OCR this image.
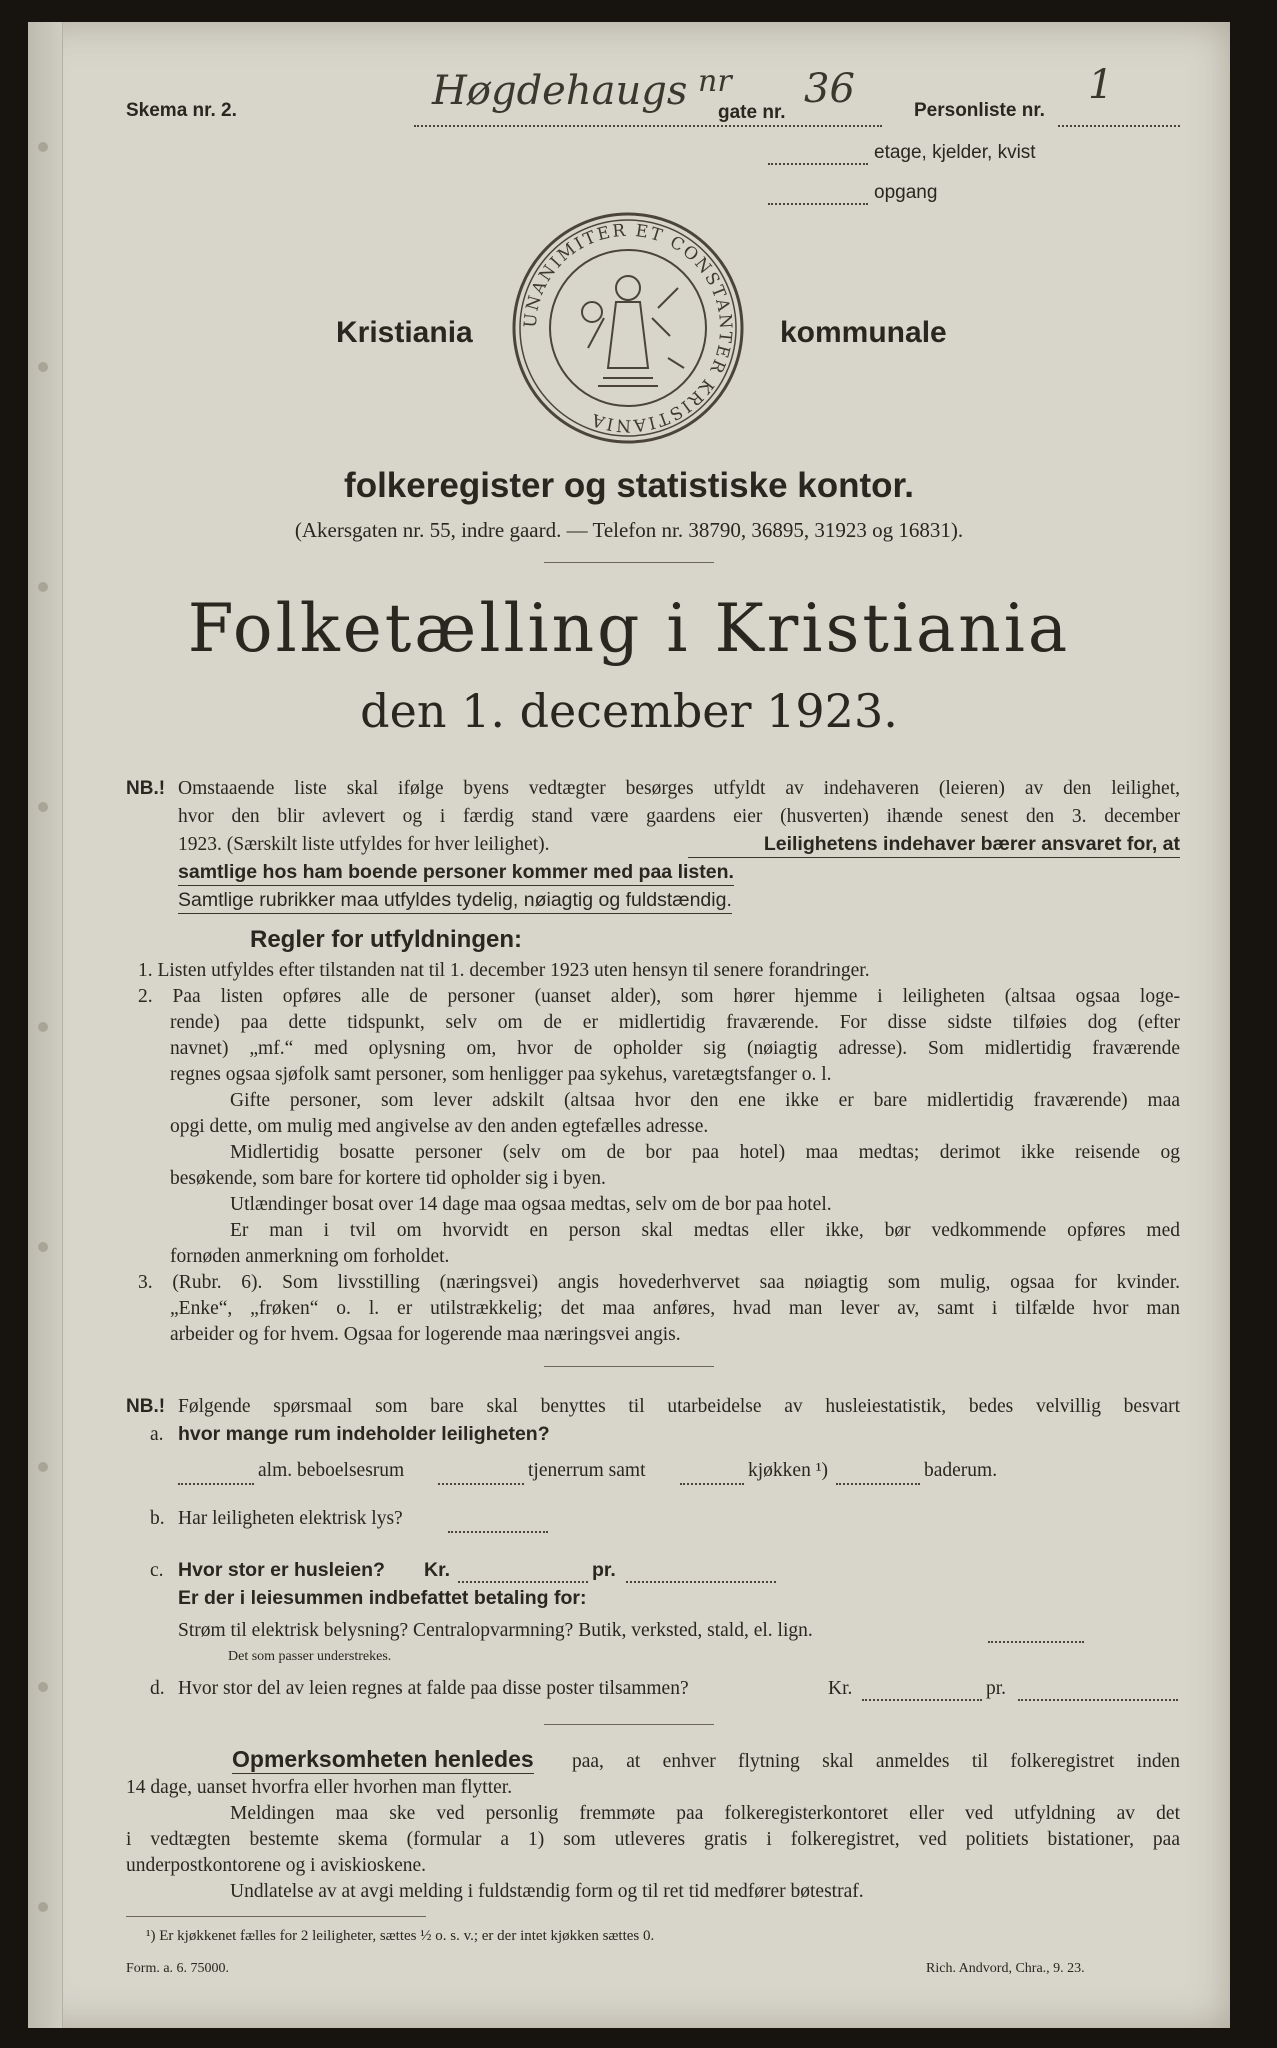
Skema nr. 2.	Høgdehaugs nr
gate nr.
36	Personliste nr.
1
etage, kjelder, kvist
opgang
Kristiania	UNANIMITER ET CONSTANTER KRISTIANIA
kommunale
folkeregister og statistiske kontor.
(Akersgaten nr. 55, indre gaard. — Telefon nr. 38790, 36895, 31923 og 16831).
Folketælling i Kristiania
den 1. december 1923.
NB.! Omstaaende liste skal ifølge byens vedtægter besørges utfyldt av indehaveren (leieren) av den leilighet,

hvor den blir avlevert og i færdig stand være gaardens eier (husverten) ihænde senest den 3. december

1923. (Særskilt liste utfyldes for hver leilighet).	Leilighetens indehaver bærer ansvaret for, at

samtlige hos ham boende personer kommer med paa listen.

Samtlige rubrikker maa utfyldes tydelig, nøiagtig og fuldstændig.

Regler for utfyldningen:

1. Listen utfyldes efter tilstanden nat til 1. december 1923 uten hensyn til senere forandringer.

2. Paa listen opføres alle de personer (uanset alder), som hører hjemme i leiligheten (altsaa ogsaa loge-

rende) paa dette tidspunkt, selv om de er midlertidig fraværende. For disse sidste tilføies dog (efter

navnet) „mf.“ med oplysning om, hvor de opholder sig (nøiagtig adresse). Som midlertidig fraværende

regnes ogsaa sjøfolk samt personer, som henligger paa sykehus, varetægtsfanger o. l.

Gifte personer, som lever adskilt (altsaa hvor den ene ikke er bare midlertidig fraværende) maa

opgi dette, om mulig med angivelse av den anden egtefælles adresse.

Midlertidig bosatte personer (selv om de bor paa hotel) maa medtas; derimot ikke reisende og

besøkende, som bare for kortere tid opholder sig i byen.

Utlændinger bosat over 14 dage maa ogsaa medtas, selv om de bor paa hotel.

Er man i tvil om hvorvidt en person skal medtas eller ikke, bør vedkommende opføres med

fornøden anmerkning om forholdet.

3. (Rubr. 6). Som livsstilling (næringsvei) angis hovederhvervet saa nøiagtig som mulig, ogsaa for kvinder.

„Enke“, „frøken“ o. l. er utilstrækkelig; det maa anføres, hvad man lever av, samt i tilfælde hvor man

arbeider og for hvem. Ogsaa for logerende maa næringsvei angis.

NB.! Følgende spørsmaal som bare skal benyttes til utarbeidelse av husleiestatistik, bedes velvillig besvart

a. hvor mange rum indeholder leiligheten?

alm. beboelsesrum	tjenerrum samt	kjøkken ¹)	baderum.

b. Har leiligheten elektrisk lys?

c. Hvor stor er husleien? Kr.	pr.

Er der i leiesummen indbefattet betaling for:

Strøm til elektrisk belysning? Centralopvarmning? Butik, verksted, stald, el. lign.

Det som passer understrekes.

d. Hvor stor del av leien regnes at falde paa disse poster tilsammen?	Kr.	pr.

Opmerksomheten henledes paa, at enhver flytning skal anmeldes til folkeregistret inden

14 dage, uanset hvorfra eller hvorhen man flytter.

Meldingen maa ske ved personlig fremmøte paa folkeregisterkontoret eller ved utfyldning av det

i vedtægten bestemte skema (formular a 1) som utleveres gratis i folkeregistret, ved politiets bistationer, paa

underpostkontorene og i aviskioskene.

Undlatelse av at avgi melding i fuldstændig form og til ret tid medfører bøtestraf.

¹) Er kjøkkenet fælles for 2 leiligheter, sættes ½ o. s. v.; er der intet kjøkken sættes 0.

Form. a. 6. 75000.	Rich. Andvord, Chra., 9. 23.
